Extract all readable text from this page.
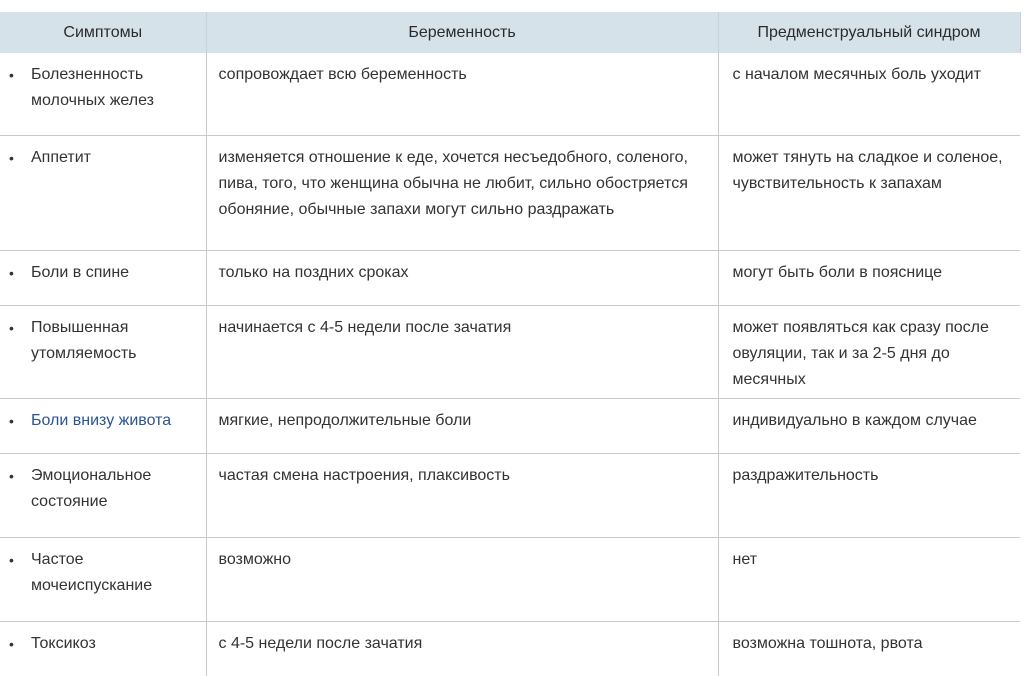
Симптомы	Беременность	Предменструальный синдром

• Болезненность молочных желез	сопровождает всю беременность	с началом месячных боль уходит

• Аппетит	изменяется отношение к еде, хочется несъедобного, соленого, пива, того, что женщина обычна не любит, сильно обостряется обоняние, обычные запахи могут сильно раздражать	может тянуть на сладкое и соленое, чувствительность к запахам

• Боли в спине	только на поздних сроках	могут быть боли в пояснице

• Повышенная утомляемость	начинается с 4-5 недели после зачатия	может появляться как сразу после овуляции, так и за 2-5 дня до месячных

• Боли внизу живота	мягкие, непродолжительные боли	индивидуально в каждом случае

• Эмоциональное состояние	частая смена настроения, плаксивость	раздражительность

• Частое мочеиспускание	возможно	нет

• Токсикоз	с 4-5 недели после зачатия	возможна тошнота, рвота
